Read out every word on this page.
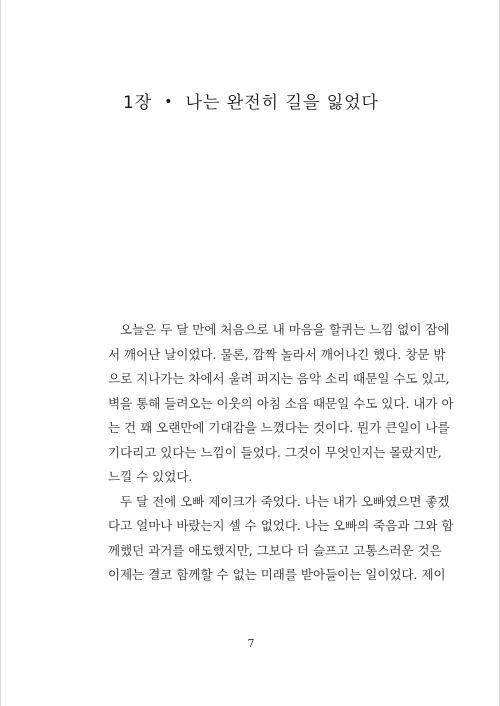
1장 • 나는 완전히 길을 잃었다

오늘은 두 달 만에 처음으로 내 마음을 할퀴는 느낌 없이 잠에
서 깨어난 날이었다. 물론, 깜짝 놀라서 깨어나긴 했다. 창문 밖
으로 지나가는 차에서 울려 퍼지는 음악 소리 때문일 수도 있고,
벽을 통해 들려오는 이웃의 아침 소음 때문일 수도 있다. 내가 아
는 건 꽤 오랜만에 기대감을 느꼈다는 것이다. 뭔가 큰일이 나를
기다리고 있다는 느낌이 들었다. 그것이 무엇인지는 몰랐지만,
느낄 수 있었다.

두 달 전에 오빠 제이크가 죽었다. 나는 내가 오빠였으면 좋겠
다고 얼마나 바랐는지 셀 수 없었다. 나는 오빠의 죽음과 그와 함
께했던 과거를 애도했지만, 그보다 더 슬프고 고통스러운 것은
이제는 결코 함께할 수 없는 미래를 받아들이는 일이었다. 제이

7
